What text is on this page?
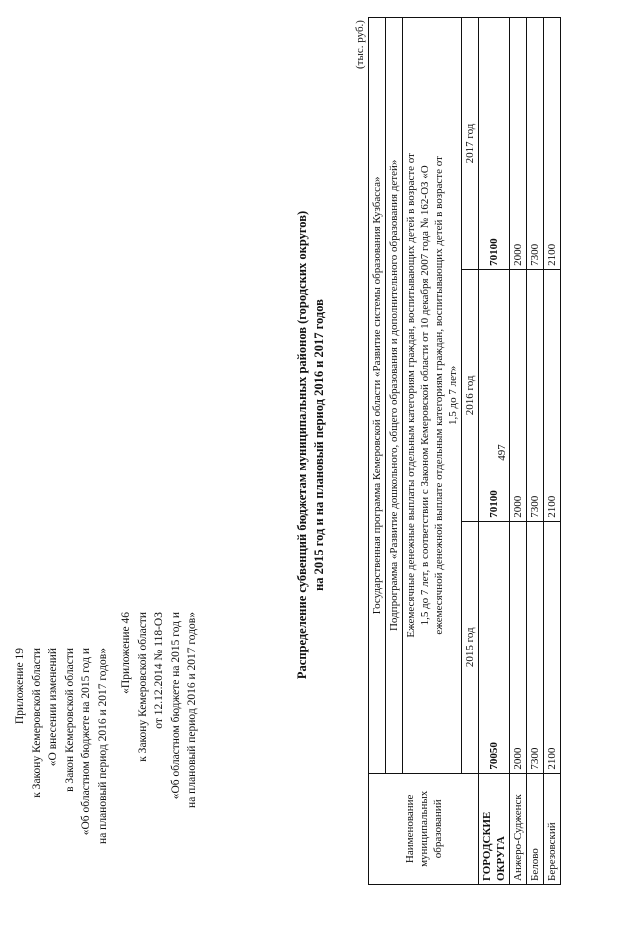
497
Приложение 19 к Закону Кемеровской области «О внесении изменений в Закон Кемеровской области «Об областном бюджете на 2015 год и на плановый период 2016 и 2017 годов» «Приложение 46 к Закону Кемеровской области от 12.12.2014 № 118-ОЗ «Об областном бюджете на 2015 год и на плановый период 2016 и 2017 годов»
Распределение субвенций бюджетам муниципальных районов (городских округов) на 2015 год и на плановый период 2016 и 2017 годов
(тыс. руб.)
Наименование муниципальных образований	Государственная программа Кемеровской области «Развитие системы образования Кузбасса»		
	Подпрограмма «Развитие дошкольного, общего образования и дополнительного образования детей»		

	Ежемесячные денежные выплаты отдельным категориям граждан, воспитывающих детей в возрасте от 1,5 до 7 лет, в соответствии с Законом Кемеровской области от 10 декабря 2007 года № 162-ОЗ «О ежемесячной денежной выплате отдельным категориям граждан, воспитывающих детей в возрасте от 1,5 до 7 лет»		

	2015 год	2016 год	2017 год
ГОРОДСКИЕ ОКРУГА	70050	70100	70100
Анжеро-Судженск	2000	2000	2000
Белово	7300	7300	7300
Березовский	2100	2100	2100
